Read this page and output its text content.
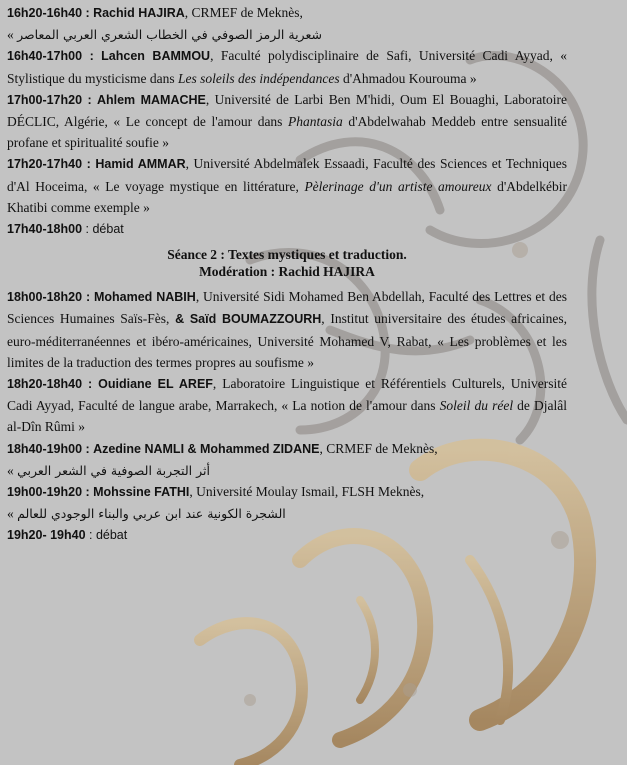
16h20-16h40 : Rachid HAJIRA, CRMEF de Meknès,

« شعرية الرمز الصوفي في الخطاب الشعري العربي المعاصر

16h40-17h00 : Lahcen BAMMOU, Faculté polydisciplinaire de Safi, Université Cadi Ayyad, « Stylistique du mysticisme dans Les soleils des indépendances d'Ahmadou Kourouma »

17h00-17h20 : Ahlem MAMACHE, Université de Larbi Ben M'hidi, Oum El Bouaghi, Laboratoire DÉCLIC, Algérie, « Le concept de l'amour dans Phantasia d'Abdelwahab Meddeb entre sensualité profane et spiritualité soufie »

17h20-17h40 : Hamid AMMAR, Université Abdelmalek Essaadi, Faculté des Sciences et Techniques d'Al Hoceima, « Le voyage mystique en littérature, Pèlerinage d'un artiste amoureux d'Abdelkébir Khatibi comme exemple »

17h40-18h00 : débat

Séance 2 : Textes mystiques et traduction.
Modération : Rachid HAJIRA

18h00-18h20 : Mohamed NABIH, Université Sidi Mohamed Ben Abdellah, Faculté des Lettres et des Sciences Humaines Saïs-Fès, & Saïd BOUMAZZOURH, Institut universitaire des études africaines, euro-méditerranéennes et ibéro-américaines, Université Mohamed V, Rabat, « Les problèmes et les limites de la traduction des termes propres au soufisme »

18h20-18h40 : Ouidiane EL AREF, Laboratoire Linguistique et Référentiels Culturels, Université Cadi Ayyad, Faculté de langue arabe, Marrakech, « La notion de l'amour dans Soleil du réel de Djalâl al-Dîn Rûmi »

18h40-19h00 : Azedine NAMLI & Mohammed ZIDANE, CRMEF de Meknès,

« أثر التجربة الصوفية في الشعر العربي

19h00-19h20 : Mohssine FATHI, Université Moulay Ismail, FLSH Meknès,

« الشجرة الكونية عند ابن عربي والبناء الوجودي للعالم

19h20- 19h40 : débat
